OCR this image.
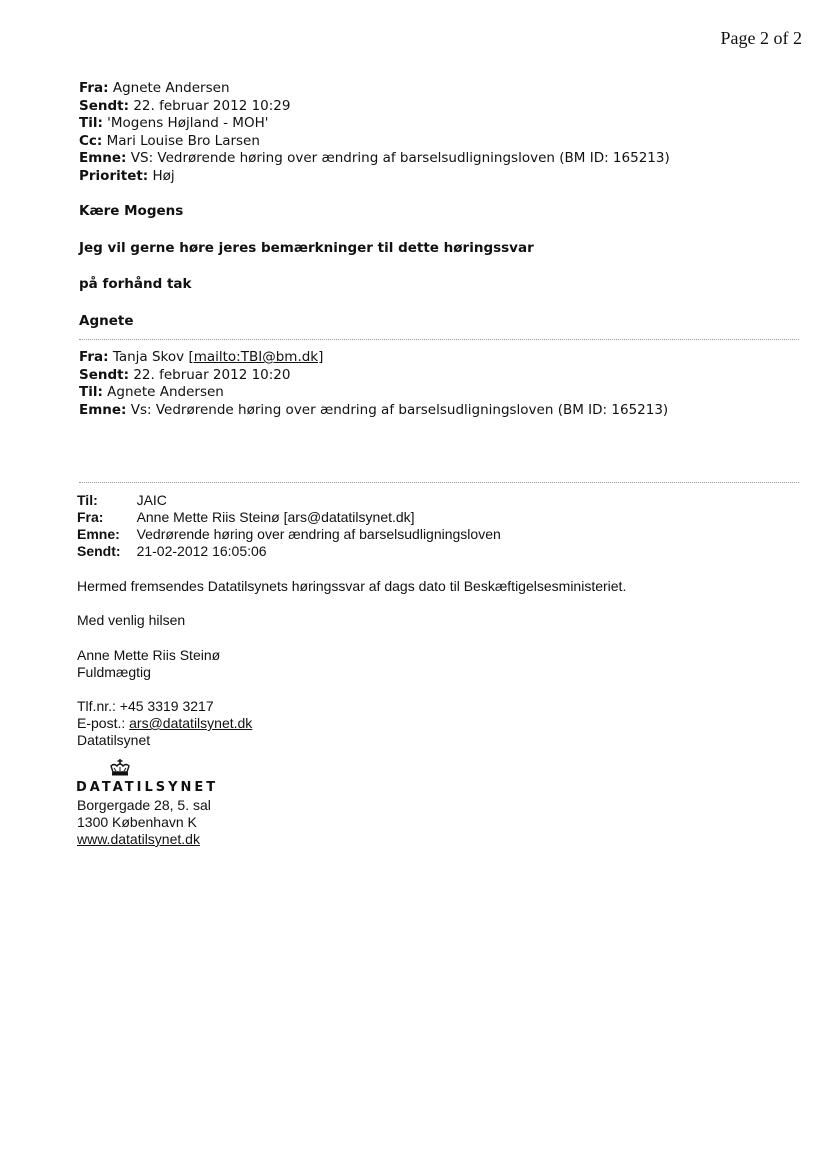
Page 2 of 2
Fra: Agnete Andersen
Sendt: 22. februar 2012 10:29
Til: 'Mogens Højland - MOH'
Cc: Mari Louise Bro Larsen
Emne: VS: Vedrørende høring over ændring af barselsudligningsloven (BM ID: 165213)
Prioritet: Høj
Kære Mogens
Jeg vil gerne høre jeres bemærkninger til dette høringssvar
på forhånd tak
Agnete
Fra: Tanja Skov [mailto:TBI@bm.dk]
Sendt: 22. februar 2012 10:20
Til: Agnete Andersen
Emne: Vs: Vedrørende høring over ændring af barselsudligningsloven (BM ID: 165213)
Til:	JAIC
Fra:	Anne Mette Riis Steinø [ars@datatilsynet.dk]
Emne:	Vedrørende høring over ændring af barselsudligningsloven
Sendt:	21-02-2012 16:05:06
Hermed fremsendes Datatilsynets høringssvar af dags dato til Beskæftigelsesministeriet.
Med venlig hilsen
Anne Mette Riis Steinø
Fuldmægtig
Tlf.nr.: +45 3319 3217
E-post.: ars@datatilsynet.dk
Datatilsynet
DATATILSYNET
Borgergade 28, 5. sal
1300 København K
www.datatilsynet.dk
